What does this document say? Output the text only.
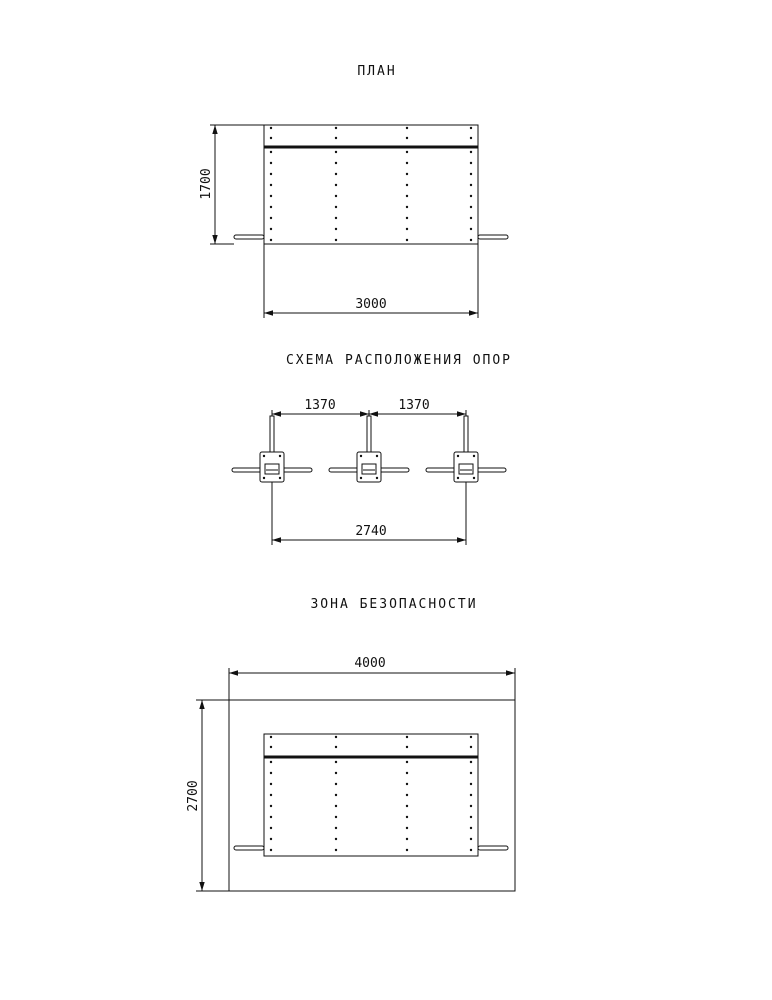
ПЛАН
1700
3000
СХЕМА РАСПОЛОЖЕНИЯ ОПОР
1370	1370
2740
ЗОНА БЕЗОПАСНОСТИ
4000
2700
